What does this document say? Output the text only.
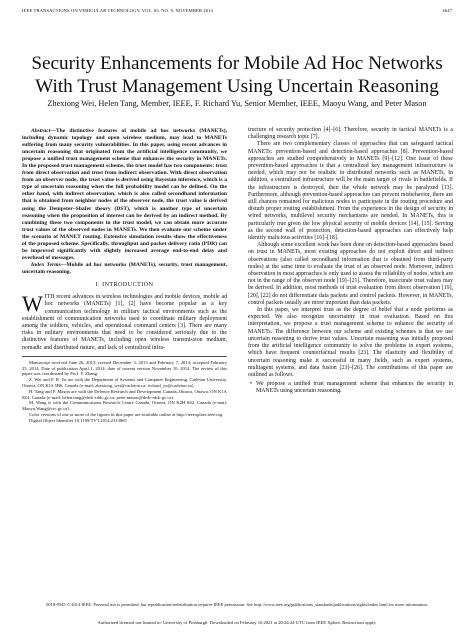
IEEE TRANSACTIONS ON VEHICULAR TECHNOLOGY, VOL. 65, NO. 9, NOVEMBER 2014	4647
Security Enhancements for Mobile Ad Hoc Networks With Trust Management Using Uncertain Reasoning
Zhexiong Wei, Helen Tang, Member, IEEE, F. Richard Yu, Senior Member, IEEE, Maoyu Wang, and Peter Mason

Abstract—The distinctive features of mobile ad hoc networks (MANETs), including dynamic topology and open wireless medium, may lead to MANETs suffering from many security vulnerabilities. In this paper, using recent advances in uncertain reasoning that originated from the artificial intelligence community, we propose a unified trust management scheme that enhances the security in MANETs. In the proposed trust management scheme, the trust model has two components: trust from direct observation and trust from indirect observation. With direct observation from an observer node, the trust value is derived using Bayesian inference, which is a type of uncertain reasoning when the full probability model can be defined. On the other hand, with indirect observation, which is also called secondhand information that is obtained from neighbor nodes of the observer node, the trust value is derived using the Dempster–Shafer theory (DST), which is another type of uncertain reasoning when the proposition of interest can be derived by an indirect method. By combining these two components in the trust model, we can obtain more accurate trust values of the observed nodes in MANETs. We then evaluate our scheme under the scenario of MANET routing. Extensive simulation results show the effectiveness of the proposed scheme. Specifically, throughput and packet delivery ratio (PDR) can be improved significantly with slightly increased average end-to-end delay and overhead of messages.

Index Terms—Mobile ad hoc networks (MANETs), security, trust management, uncertain reasoning.

I. INTRODUCTION

WITH recent advances in wireless technologies and mobile devices, mobile ad hoc networks (MANETs) [1], [2] have become popular as a key communication technology in military tactical environments such as the establishment of communication networks used to coordinate military deployment among the soldiers, vehicles, and operational command centers [3]. There are many risks in military environments that need to be considered seriously due to the distinctive features of MANETs, including open wireless transmission medium, nomadic and distributed nature, and lack of centralized infra-

Manuscript received June 26, 2013; revised December 3, 2013 and February 7, 2014; accepted February 25, 2014. Date of publication April 1, 2014; date of current version November 10, 2014. The review of this paper was coordinated by Prof. Y. Zhang.

Z. Wei and F. R. Yu are with the Department of Systems and Computer Engineering, Carleton University, Ottawa, ON K1S 5B6, Canada (e-mail: zhexiong_wei@carleton.ca; richard_yu@carleton.ca).

H. Tang and P. Mason are with the Defence Research and Development Canada–Ottawa, Ottawa, ON K1A 0Z4, Canada (e-mail: helen.tang@drdc-rddc.gc.ca; peter.mason@drdc-rddc.gc.ca).

M. Wang is with the Communications Research Centre Canada, Ottawa, ON K2H 8S2, Canada (e-mail: Maoyu.Wang@crc.gc.ca).

Color versions of one or more of the figures in this paper are available online at http://ieeexplore.ieee.org.

Digital Object Identifier 10.1109/TVT.2014.2313865

tructure of security protection [4]–[6]. Therefore, security in tactical MANETs is a challenging research topic [7].

There are two complementary classes of approaches that can safeguard tactical MANETs: prevention-based and detection-based approaches [8]. Prevention-based approaches are studied comprehensively in MANETs [9]–[12]. One issue of these prevention-based approaches is that a centralized key management infrastructure is needed, which may not be realistic in distributed networks such as MANETs. In addition, a centralized infrastructure will be the main target of rivals in battlefields. If the infrastructure is destroyed, then the whole network may be paralyzed [13]. Furthermore, although prevention-based approaches can prevent misbehavior, there are still chances remained for malicious nodes to participate in the routing procedure and disturb proper routing establishment. From the experience in the design of security in wired networks, multilevel security mechanisms are needed. In MANETs, this is particularly true given the low physical security of mobile devices [14], [15]. Serving as the second wall of protection, detection-based approaches can effectively help identify malicious activities [16]–[18].

Although some excellent work has been done on detection-based approaches based on trust in MANETs, most existing approaches do not exploit direct and indirect observations (also called secondhand information that is obtained from third-party nodes) at the same time to evaluate the trust of an observed node. Moreover, indirect observation in most approaches is only used to assess the reliability of nodes, which are not in the range of the observer node [19]–[21]. Therefore, inaccurate trust values may be derived. In addition, most methods of trust evaluation from direct observation [19], [20], [22] do not differentiate data packets and control packets. However, in MANETs, control packets usually are more important than data packets.

In this paper, we interpret trust as the degree of belief that a node performs as expected. We also recognize uncertainty in trust evaluation. Based on this interpretation, we propose a trust management scheme to enhance the security of MANETs. The difference between our scheme and existing schemes is that we use uncertain reasoning to derive trust values. Uncertain reasoning was initially proposed from the artificial intelligence community to solve the problems in expert systems, which have frequent counterfactual results [23]. The elasticity and flexibility of uncertain reasoning make it successful in many fields, such as expert systems, multiagent systems, and data fusion [23]–[26]. The contributions of this paper are outlined as follows.

• We propose a unified trust management scheme that enhances the security in MANETs using uncertain reasoning.

0018-9545 © 2014 IEEE. Personal use is permitted, but republication/redistribution requires IEEE permission. See http://www.ieee.org/publications_standards/publications/rights/index.html for more information.
Authorized licensed use limited to: University of Pittsburgh. Downloaded on February 10,2021 at 20:24:24 UTC from IEEE Xplore. Restrictions apply.
